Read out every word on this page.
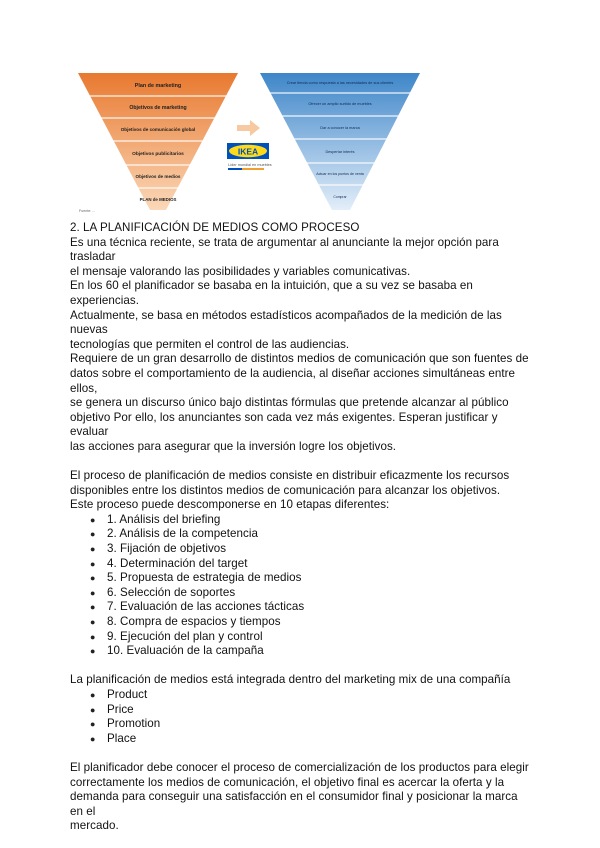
Plan de marketing
Objetivos de marketing
Objetivos de comunicación global
Objetivos publicitarios
Objetivos de medios
PLAN de MEDIOS
Fuente: ...
IKEA
Líder mundial en muebles
Crear tienda como respuesta a las necesidades de sus clientes
Ofrecer un amplio surtido de muebles
Dar a conocer la marca
Despertar interés
Actuar en los puntos de venta
Comprar

2. LA PLANIFICACIÓN DE MEDIOS COMO PROCESO

Es una técnica reciente, se trata de argumentar al anunciante la mejor opción para trasladar

el mensaje valorando las posibilidades y variables comunicativas.

En los 60 el planificador se basaba en la intuición, que a su vez se basaba en experiencias.

Actualmente, se basa en métodos estadísticos acompañados de la medición de las nuevas

tecnologías que permiten el control de las audiencias.

Requiere de un gran desarrollo de distintos medios de comunicación que son fuentes de

datos sobre el comportamiento de la audiencia, al diseñar acciones simultáneas entre ellos,

se genera un discurso único bajo distintas fórmulas que pretende alcanzar al público

objetivo Por ello, los anunciantes son cada vez más exigentes. Esperan justificar y evaluar

las acciones para asegurar que la inversión logre los objetivos.

El proceso de planificación de medios consiste en distribuir eficazmente los recursos

disponibles entre los distintos medios de comunicación para alcanzar los objetivos.

Este proceso puede descomponerse en 10 etapas diferentes:

● 1. Análisis del briefing
● 2. Análisis de la competencia
● 3. Fijación de objetivos
● 4. Determinación del target
● 5. Propuesta de estrategia de medios
● 6. Selección de soportes
● 7. Evaluación de las acciones tácticas
● 8. Compra de espacios y tiempos
● 9. Ejecución del plan y control
● 10. Evaluación de la campaña

La planificación de medios está integrada dentro del marketing mix de una compañía

● Product
● Price
● Promotion
● Place

El planificador debe conocer el proceso de comercialización de los productos para elegir

correctamente los medios de comunicación, el objetivo final es acercar la oferta y la

demanda para conseguir una satisfacción en el consumidor final y posicionar la marca en el

mercado.
